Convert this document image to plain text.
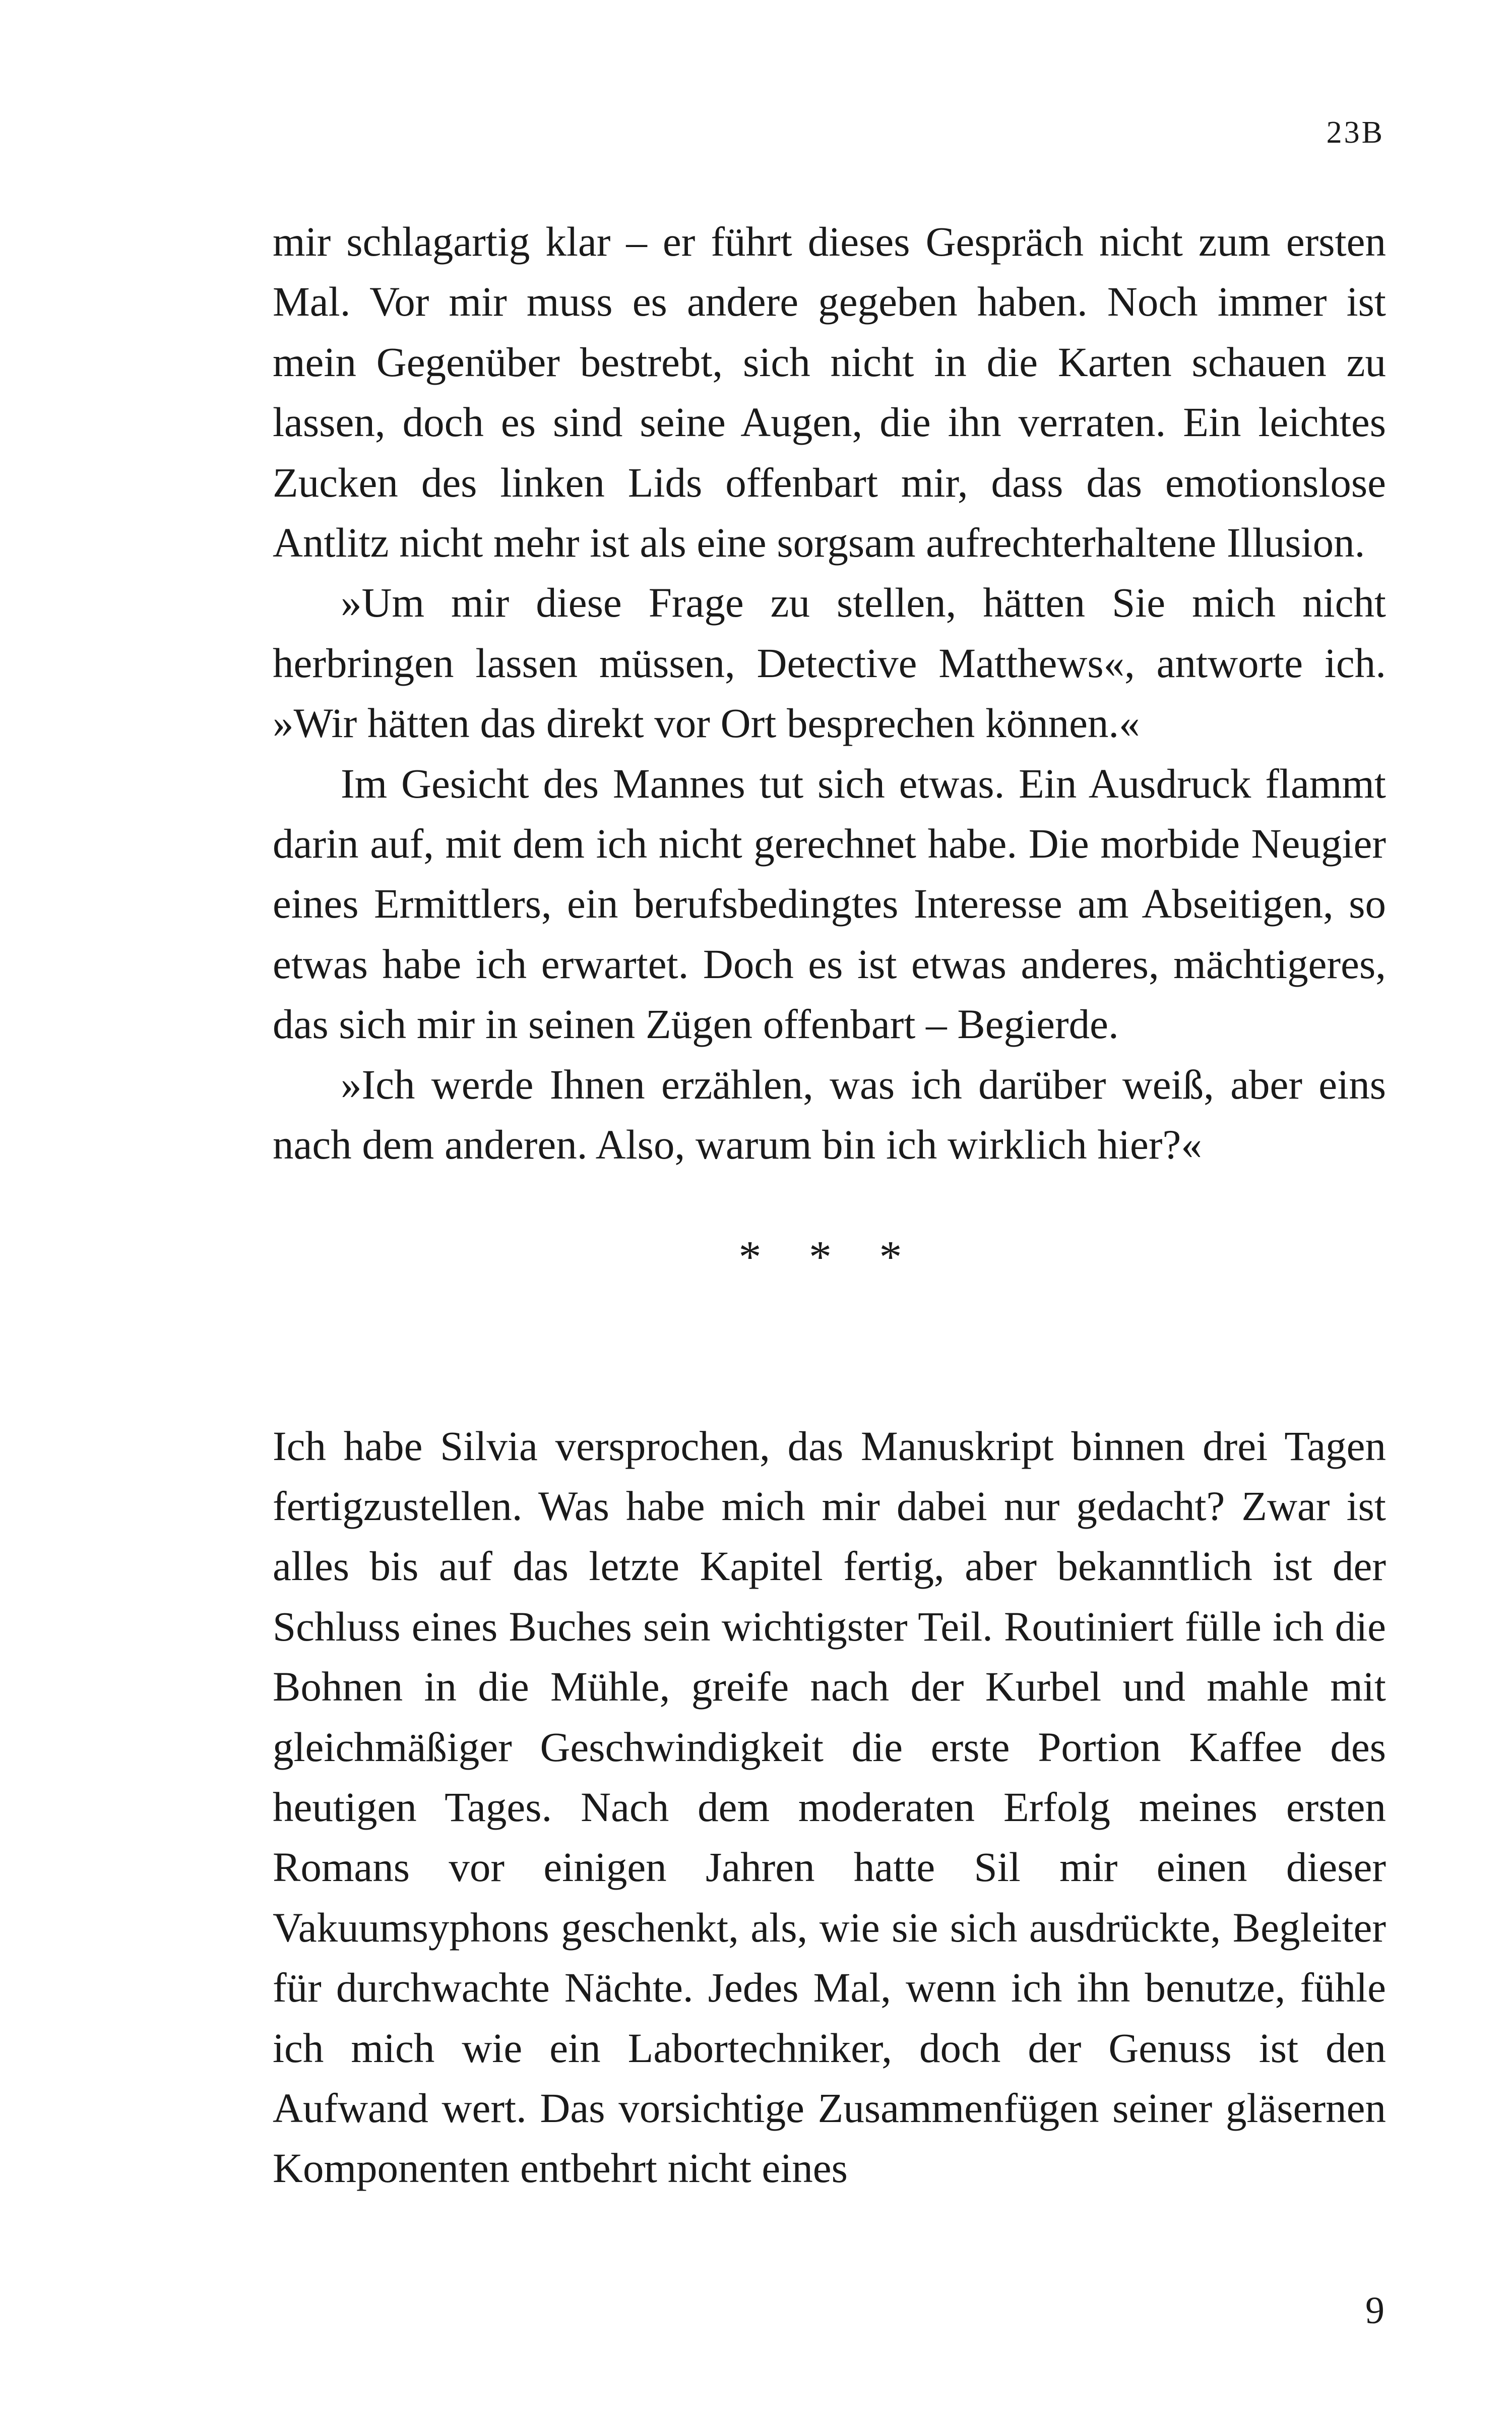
23B

mir schlagartig klar – er führt dieses Gespräch nicht zum ersten Mal. Vor mir muss es andere gegeben haben. Noch immer ist mein Gegenüber bestrebt, sich nicht in die Karten schauen zu lassen, doch es sind seine Augen, die ihn verraten. Ein leichtes Zucken des linken Lids offenbart mir, dass das emotionslose Antlitz nicht mehr ist als eine sorgsam aufrechterhaltene Illusion.

»Um mir diese Frage zu stellen, hätten Sie mich nicht herbringen lassen müssen, Detective Matthews«, antworte ich. »Wir hätten das direkt vor Ort besprechen können.«

Im Gesicht des Mannes tut sich etwas. Ein Ausdruck flammt darin auf, mit dem ich nicht gerechnet habe. Die morbide Neugier eines Ermittlers, ein berufsbedingtes Interesse am Abseitigen, so etwas habe ich erwartet. Doch es ist etwas anderes, mächtigeres, das sich mir in seinen Zügen offenbart – Begierde.

»Ich werde Ihnen erzählen, was ich darüber weiß, aber eins nach dem anderen. Also, warum bin ich wirklich hier?«

* * *

Ich habe Silvia versprochen, das Manuskript binnen drei Tagen fertigzustellen. Was habe mich mir dabei nur gedacht? Zwar ist alles bis auf das letzte Kapitel fertig, aber bekanntlich ist der Schluss eines Buches sein wichtigster Teil. Routiniert fülle ich die Bohnen in die Mühle, greife nach der Kurbel und mahle mit gleichmäßiger Geschwindigkeit die erste Portion Kaffee des heutigen Tages. Nach dem moderaten Erfolg meines ersten Romans vor einigen Jahren hatte Sil mir einen dieser Vakuumsyphons geschenkt, als, wie sie sich ausdrückte, Begleiter für durchwachte Nächte. Jedes Mal, wenn ich ihn benutze, fühle ich mich wie ein Labortechniker, doch der Genuss ist den Aufwand wert. Das vorsichtige Zusammenfügen seiner gläsernen Komponenten entbehrt nicht eines

9
